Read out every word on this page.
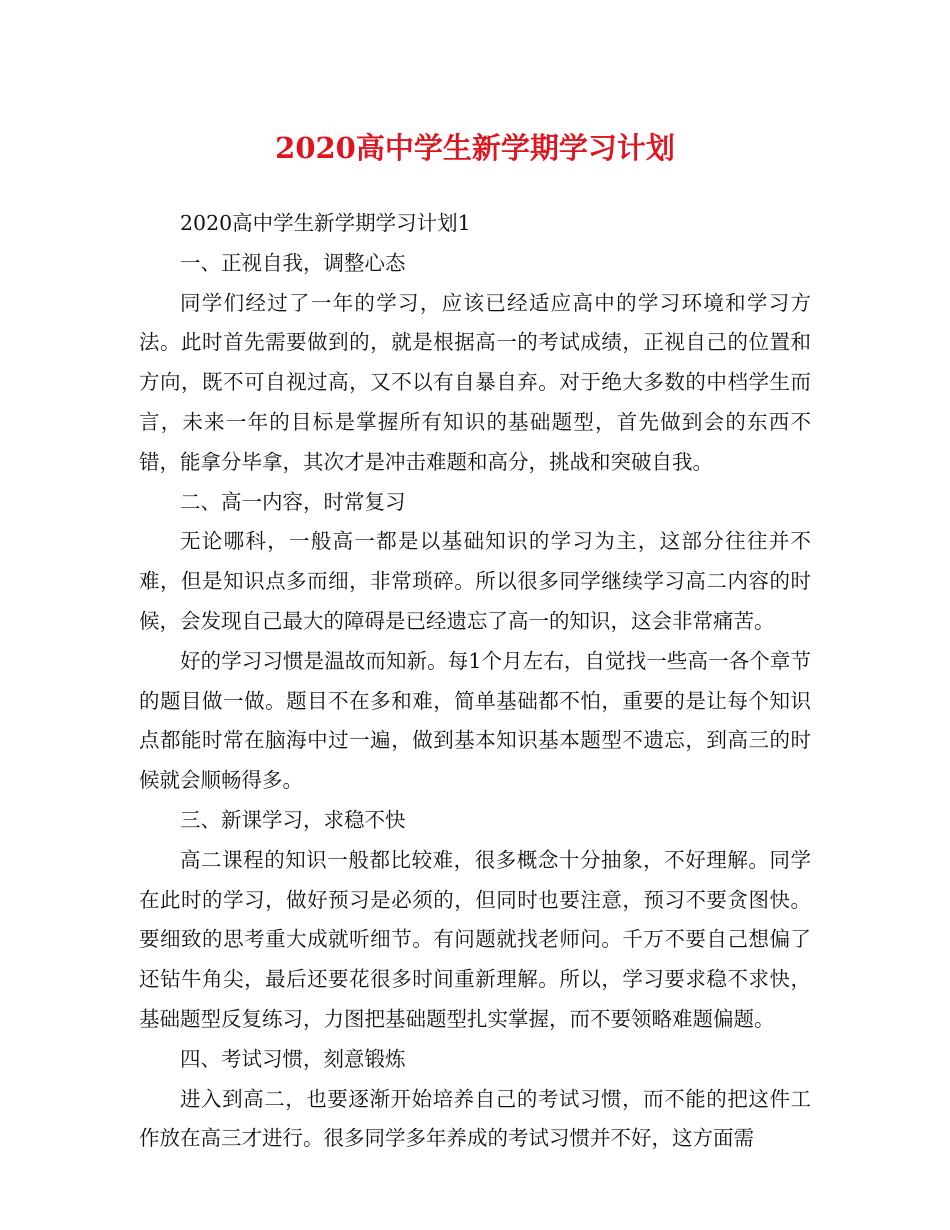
2020高中学生新学期学习计划

2020高中学生新学期学习计划1

一、正视自我，调整心态

同学们经过了一年的学习，应该已经适应高中的学习环境和学习方法。此时首先需要做到的，就是根据高一的考试成绩，正视自己的位置和方向，既不可自视过高，又不以有自暴自弃。对于绝大多数的中档学生而言，未来一年的目标是掌握所有知识的基础题型，首先做到会的东西不错，能拿分毕拿，其次才是冲击难题和高分，挑战和突破自我。

二、高一内容，时常复习

无论哪科，一般高一都是以基础知识的学习为主，这部分往往并不难，但是知识点多而细，非常琐碎。所以很多同学继续学习高二内容的时候，会发现自己最大的障碍是已经遗忘了高一的知识，这会非常痛苦。

好的学习习惯是温故而知新。每1个月左右，自觉找一些高一各个章节的题目做一做。题目不在多和难，简单基础都不怕，重要的是让每个知识点都能时常在脑海中过一遍，做到基本知识基本题型不遗忘，到高三的时候就会顺畅得多。

三、新课学习，求稳不快

高二课程的知识一般都比较难，很多概念十分抽象，不好理解。同学在此时的学习，做好预习是必须的，但同时也要注意，预习不要贪图快。要细致的思考重大成就听细节。有问题就找老师问。千万不要自己想偏了还钻牛角尖，最后还要花很多时间重新理解。所以，学习要求稳不求快，基础题型反复练习，力图把基础题型扎实掌握，而不要领略难题偏题。

四、考试习惯，刻意锻炼

进入到高二，也要逐渐开始培养自己的考试习惯，而不能的把这件工作放在高三才进行。很多同学多年养成的考试习惯并不好，这方面需
